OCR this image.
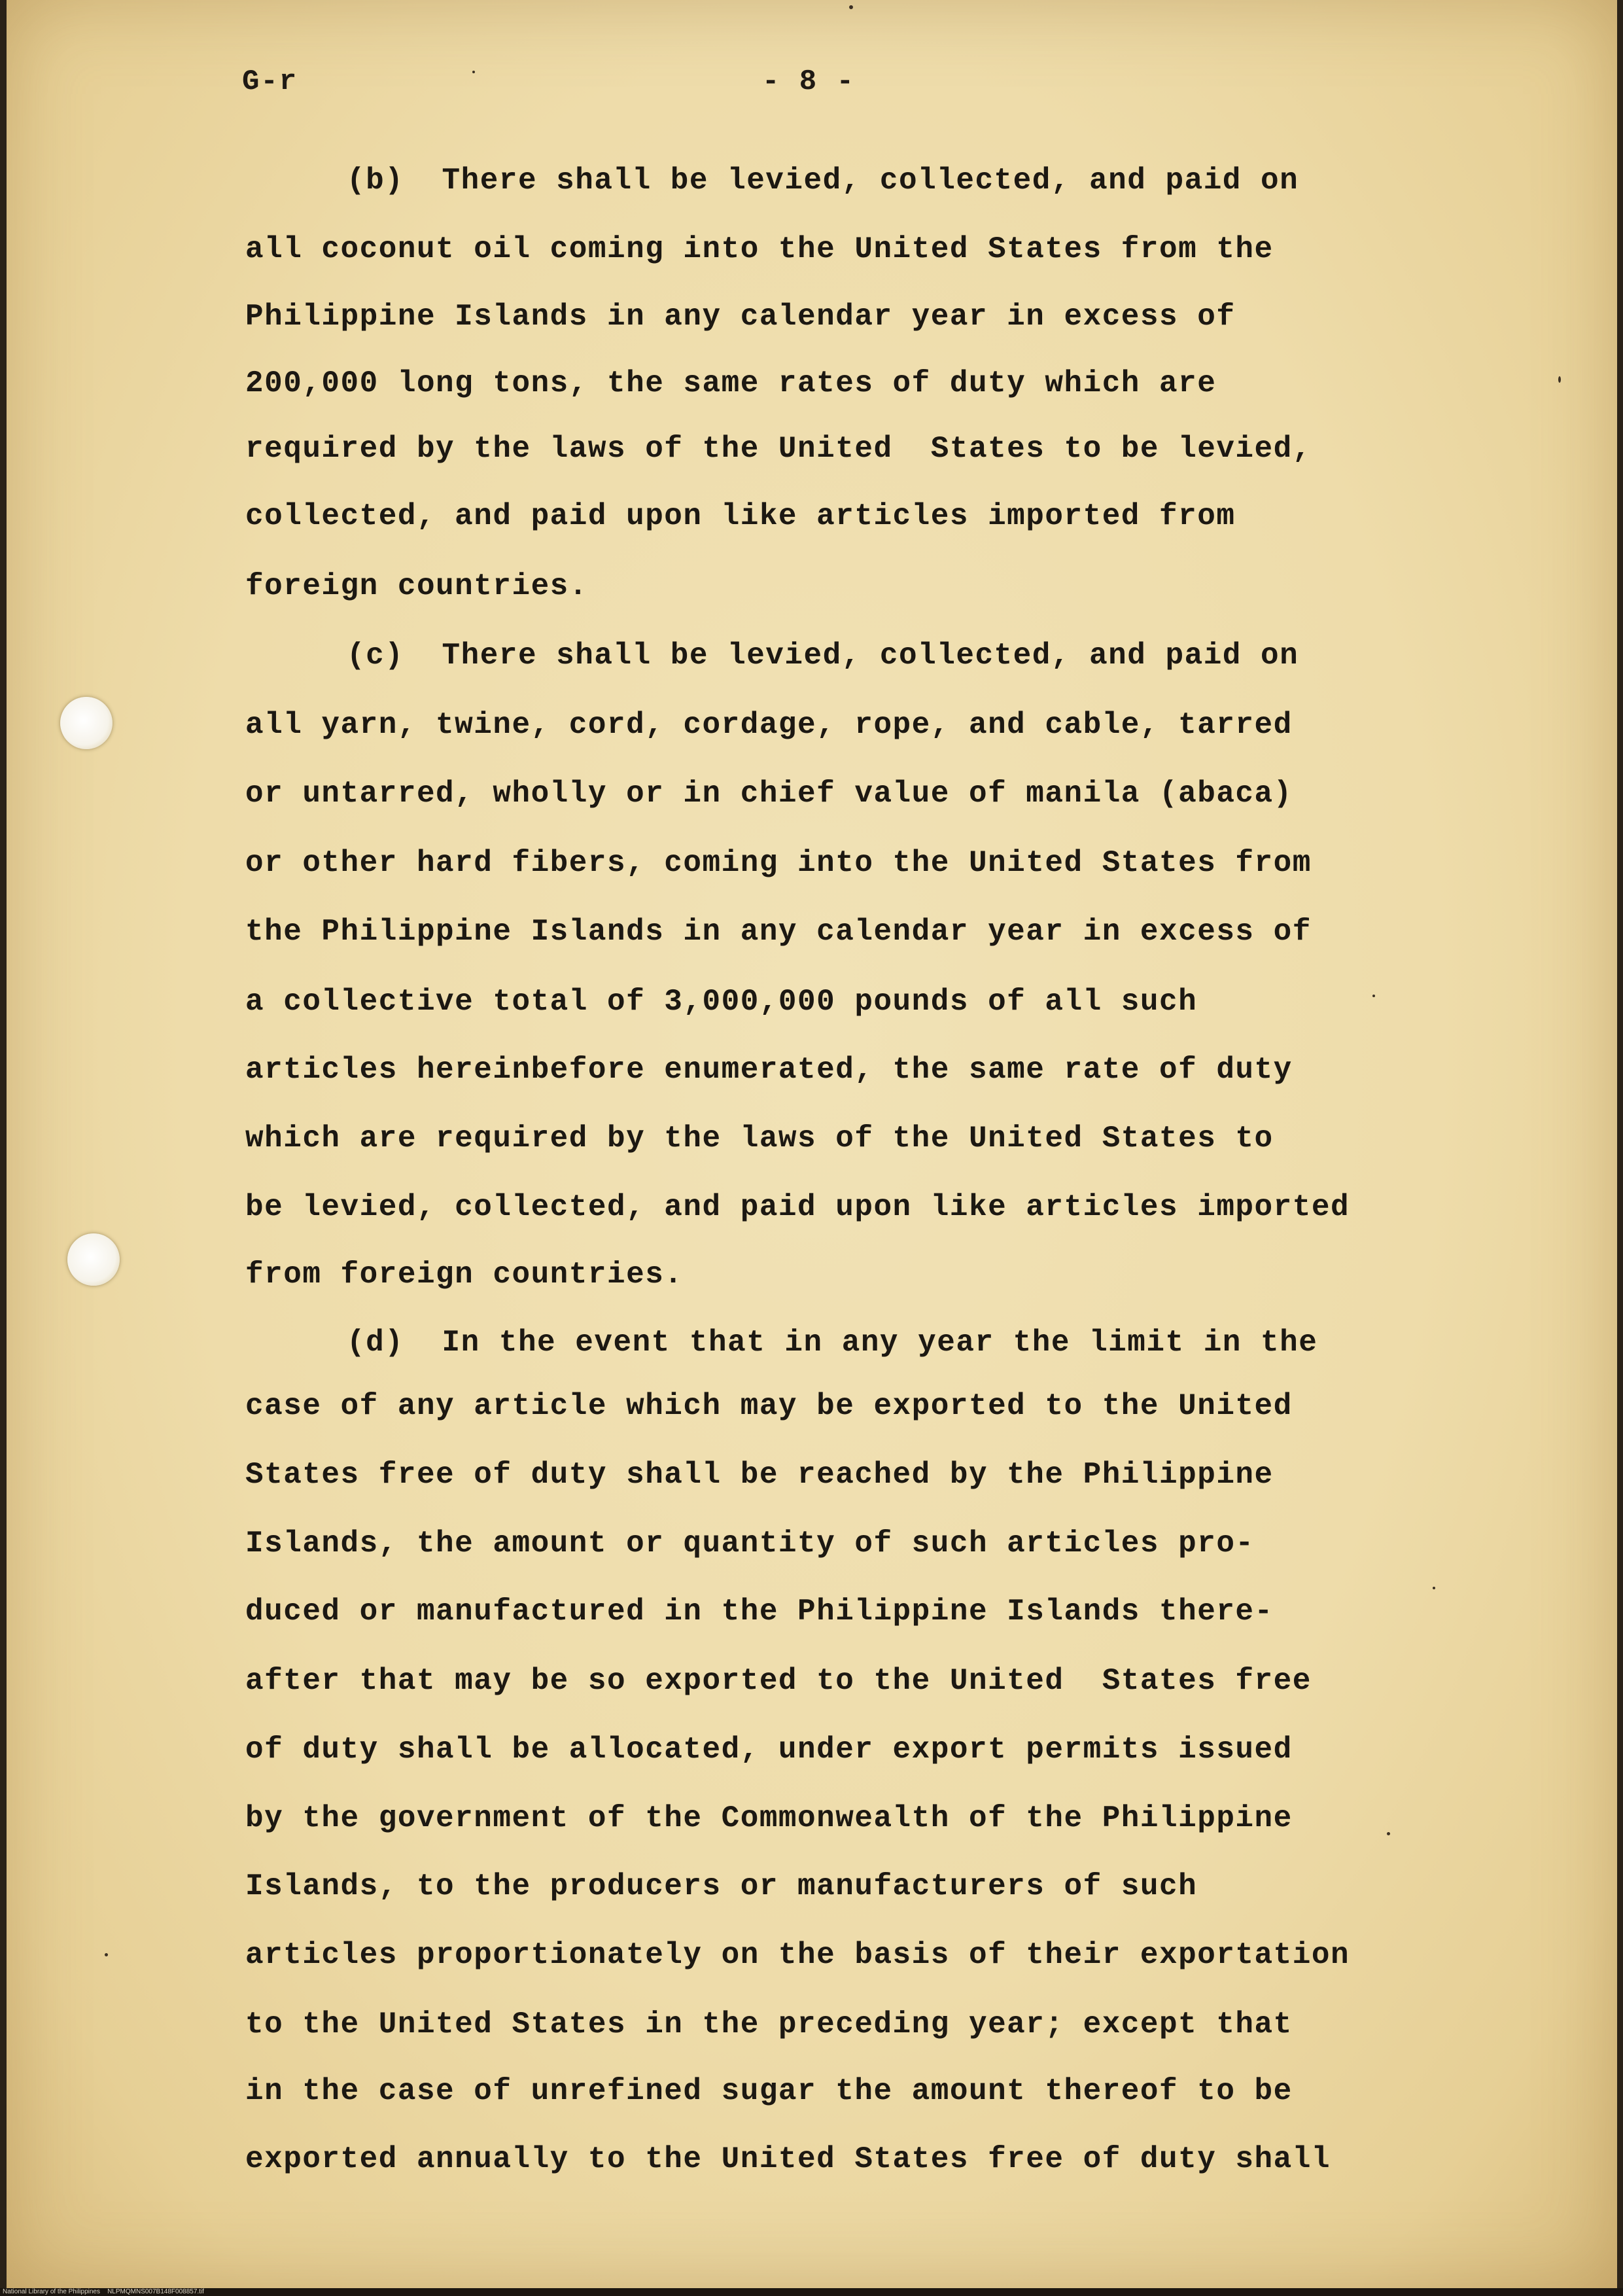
G-r	- 8 -
(b)  There shall be levied, collected, and paid on
all coconut oil coming into the United States from the
Philippine Islands in any calendar year in excess of
200,000 long tons, the same rates of duty which are
required by the laws of the United  States to be levied,
collected, and paid upon like articles imported from
foreign countries.
(c)  There shall be levied, collected, and paid on
all yarn, twine, cord, cordage, rope, and cable, tarred
or untarred, wholly or in chief value of manila (abaca)
or other hard fibers, coming into the United States from
the Philippine Islands in any calendar year in excess of
a collective total of 3,000,000 pounds of all such
articles hereinbefore enumerated, the same rate of duty
which are required by the laws of the United States to
be levied, collected, and paid upon like articles imported
from foreign countries.
(d)  In the event that in any year the limit in the
case of any article which may be exported to the United
States free of duty shall be reached by the Philippine
Islands, the amount or quantity of such articles pro-
duced or manufactured in the Philippine Islands there-
after that may be so exported to the United  States free
of duty shall be allocated, under export permits issued
by the government of the Commonwealth of the Philippine
Islands, to the producers or manufacturers of such
articles proportionately on the basis of their exportation
to the United States in the preceding year; except that
in the case of unrefined sugar the amount thereof to be
exported annually to the United States free of duty shall
National Library of the Philippines    NLPMQMNS007B148F008857.tif
